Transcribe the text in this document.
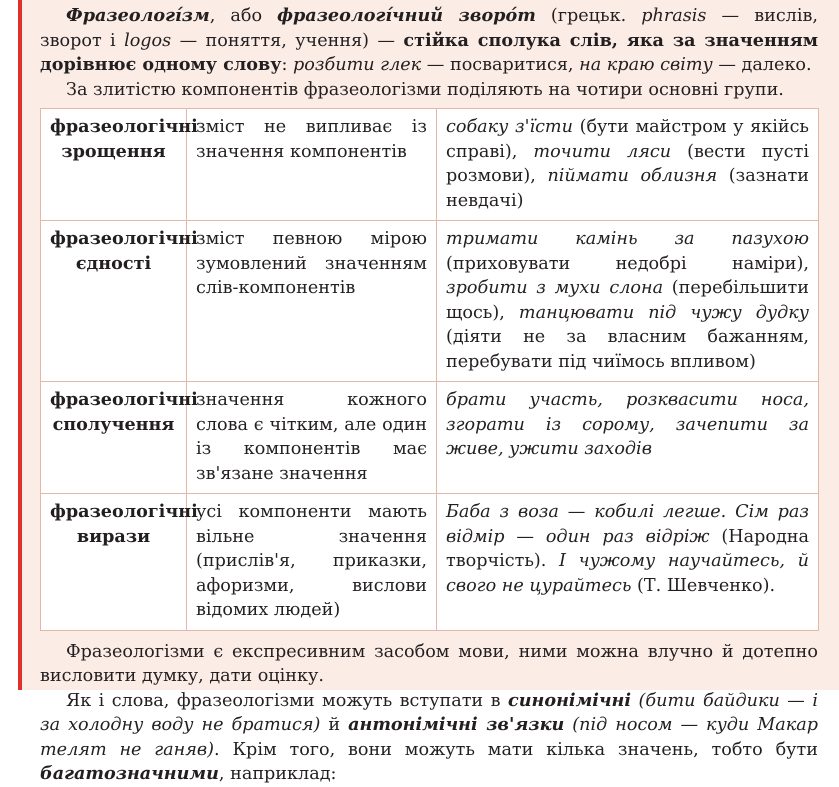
Фразеологі́зм, або фразеологі́чний зворо́т (грецьк. phrasis — вислів, зворот і logos — поняття, учення) — стійка сполука слів, яка за значенням дорівнює одному слову: розбити глек — посваритися, на краю світу — далеко.

За злитістю компонентів фразеологізми поділяють на чотири основні групи.

фразеологічні зрощення	зміст не випливає із значення компонентів	собаку з'їсти (бути майстром у якійсь справі), точити ляси (вести пусті розмови), піймати облизня (зазнати невдачі)
фразеологічні єдності	зміст певною мірою зумовлений значенням слів-компонентів	тримати камінь за пазухою (приховувати недобрі наміри), зробити з мухи слона (перебільшити щось), танцювати під чужу дудку (діяти не за власним бажанням, перебувати під чиїмось впливом)
фразеологічні сполучення	значення кожного слова є чітким, але один із компонентів має зв'язане значення	брати участь, розквасити носа, згорати із сорому, зачепити за живе, ужити заходів
фразеологічні вирази	усі компоненти мають вільне значення (прислів'я, приказки, афоризми, вислови відомих людей)	Баба з воза — кобилі легше. Сім раз відмір — один раз відріж (Народна творчість). І чужому научайтесь, й свого не цурайтесь (Т. Шевченко).

Фразеологізми є експресивним засобом мови, ними можна влучно й дотепно висловити думку, дати оцінку.

Як і слова, фразеологізми можуть вступати в синонімічні (бити байдики — і за холодну воду не братися) й антонімічні зв'язки (під носом — куди Макар телят не ганяв). Крім того, вони можуть мати кілька значень, тобто бути багатозначними, наприклад:
